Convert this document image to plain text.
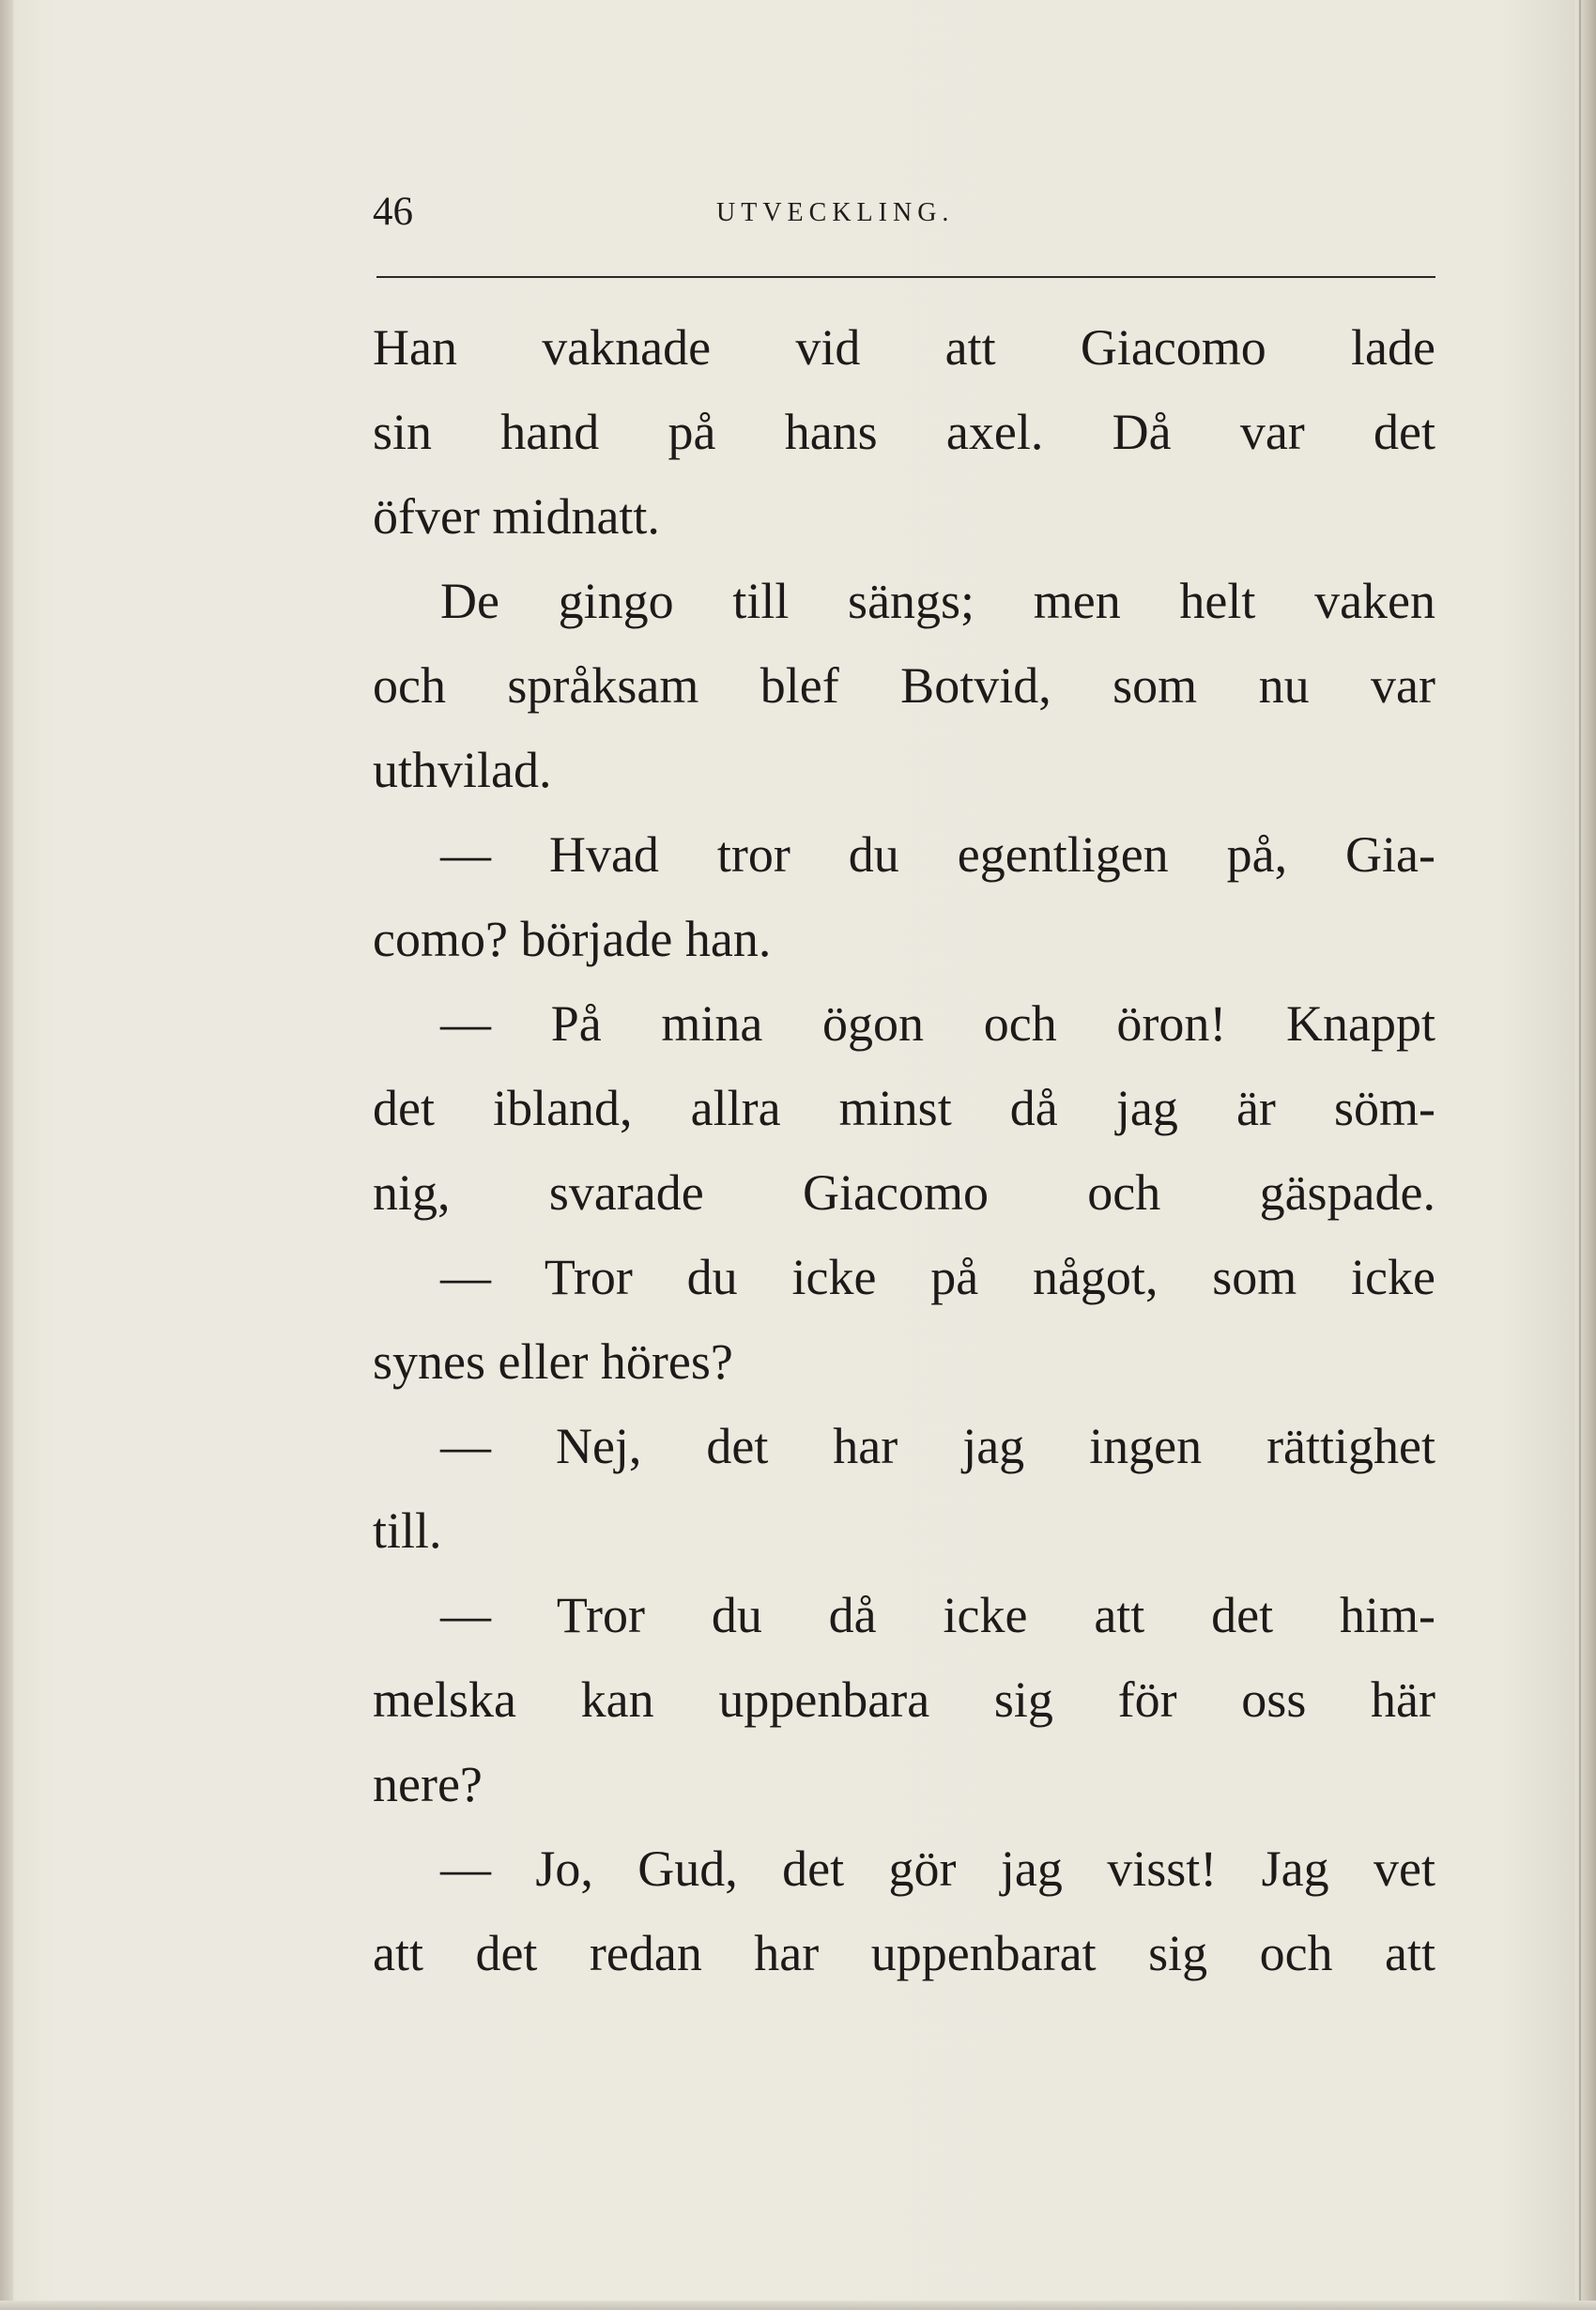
46	UTVECKLING.
Han vaknade vid att Giacomo lade
sin hand på hans axel. Då var det
öfver midnatt.
De gingo till sängs; men helt vaken
och språksam blef Botvid, som nu var
uthvilad.
— Hvad tror du egentligen på, Gia-
como? började han.
— På mina ögon och öron! Knappt
det ibland, allra minst då jag är söm-
nig, svarade Giacomo och gäspade.
— Tror du icke på något, som icke
synes eller höres?
— Nej, det har jag ingen rättighet
till.
— Tror du då icke att det him-
melska kan uppenbara sig för oss här
nere?
— Jo, Gud, det gör jag visst! Jag vet
att det redan har uppenbarat sig och att
